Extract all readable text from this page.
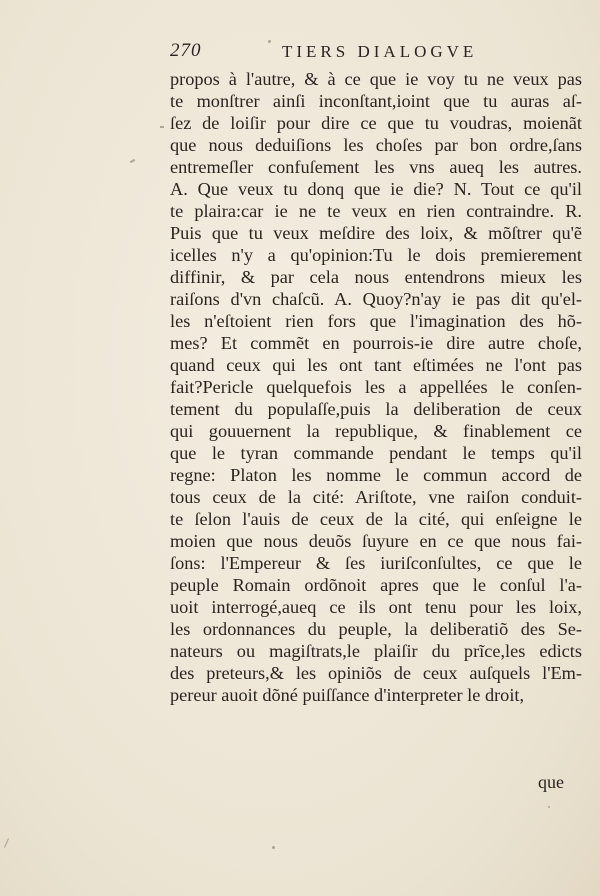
270	TIERS DIALOGVE
propos à l'autre, & à ce que ie voy tu ne veux pas
te monſtrer ainſi inconſtant,ioint que tu auras aſ-
ſez de loiſir pour dire ce que tu voudras, moienãt
que nous deduiſions les choſes par bon ordre,ſans
entremeſler confuſement les vns aueq les autres.
A. Que veux tu donq que ie die? N. Tout ce qu'il
te plaira:car ie ne te veux en rien contraindre. R.
Puis que tu veux meſdire des loix, & mõſtrer qu'ẽ
icelles n'y a qu'opinion:Tu le dois premierement
diffinir, & par cela nous entendrons mieux les
raiſons d'vn chaſcũ. A. Quoy?n'ay ie pas dit qu'el-
les n'eſtoient rien fors que l'imagination des hõ-
mes? Et commẽt en pourrois-ie dire autre choſe,
quand ceux qui les ont tant eſtimées ne l'ont pas
fait?Pericle quelquefois les a appellées le conſen-
tement du populaſſe,puis la deliberation de ceux
qui gouuernent la republique, & finablement ce
que le tyran commande pendant le temps qu'il
regne: Platon les nomme le commun accord de
tous ceux de la cité: Ariſtote, vne raiſon conduit-
te ſelon l'auis de ceux de la cité, qui enſeigne le
moien que nous deuõs ſuyure en ce que nous fai-
ſons: l'Empereur & ſes iuriſconſultes, ce que le
peuple Romain ordõnoit apres que le conſul l'a-
uoit interrogé,aueq ce ils ont tenu pour les loix,
les ordonnances du peuple, la deliberatiõ des Se-
nateurs ou magiſtrats,le plaiſir du prĩce,les edicts
des preteurs,& les opiniõs de ceux auſquels l'Em-
pereur auoit dõné puiſſance d'interpreter le droit,
que
